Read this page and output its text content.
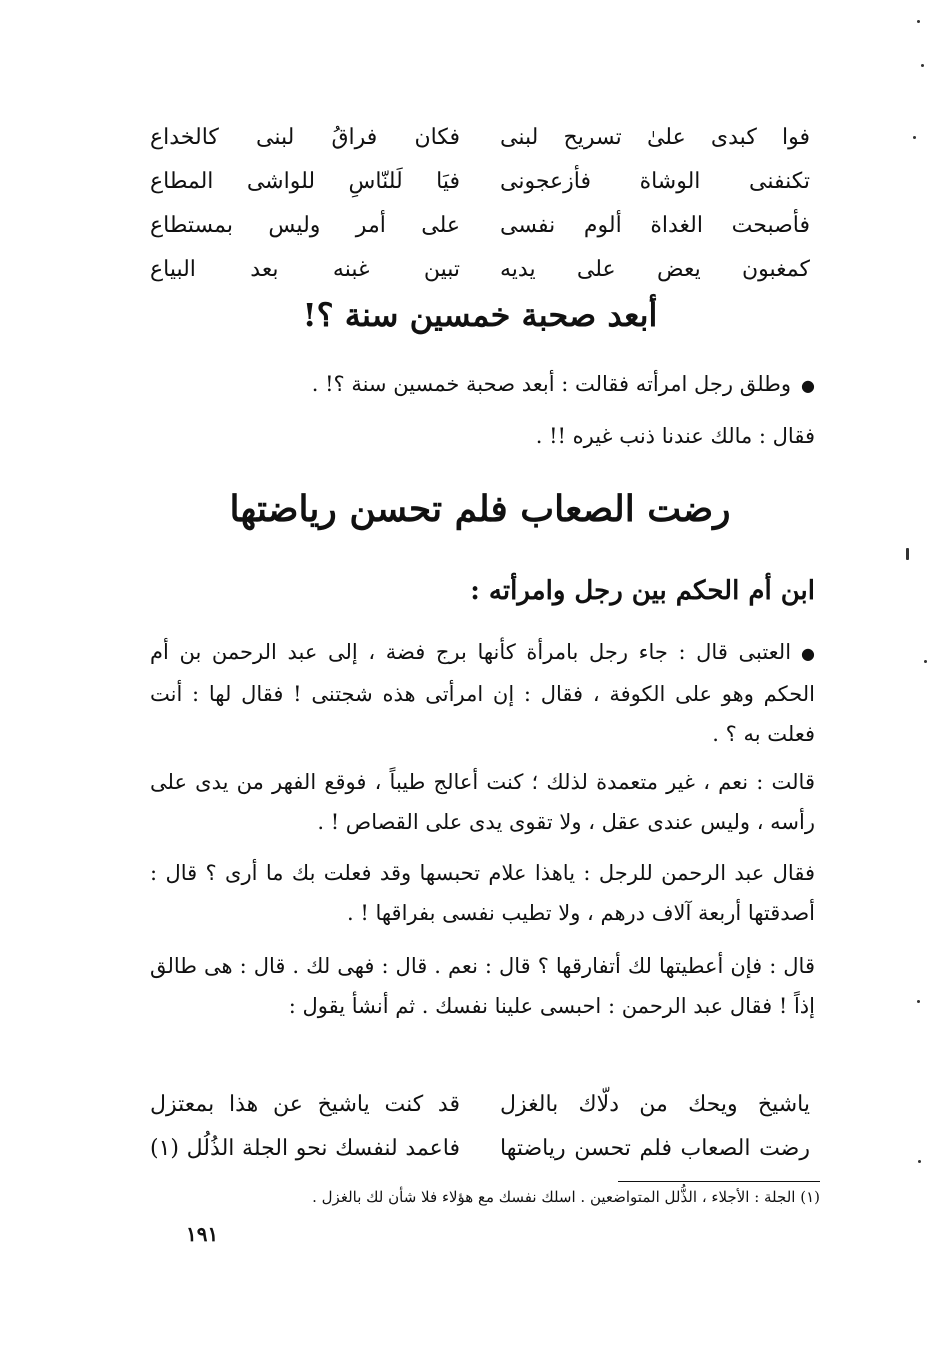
فوا كبدى علىٰ تسريح لبنى
فكان فراقُ لبنى كالخداع
تكنفنى الوشاة فأزعجونى
فيَا لَلنّاسِ للواشى المطاع
فأصبحت الغداة ألوم نفسى
على أمر وليس بمستطاع
كمغبون يعض على يديه
تبين غبنه بعد البياع
أبعد صحبة خمسين سنة ؟!
●وطلق رجل امرأته فقالت : أبعد صحبة خمسين سنة ؟! .
فقال : مالك عندنا ذنب غيره !! .
رضت الصعاب فلم تحسن رياضتها
ابن أم الحكم بين رجل وامرأته :
●العتبى قال : جاء رجل بامرأة كأنها برج فضة ، إلى عبد الرحمن بن أم الحكم وهو على الكوفة ، فقال : إن امرأتى هذه شجتنى ! فقال لها : أنت فعلت به ؟ .
قالت : نعم ، غير متعمدة لذلك ؛ كنت أعالج طيباً ، فوقع الفهر من يدى على رأسه ، وليس عندى عقل ، ولا تقوى يدى على القصاص ! .
فقال عبد الرحمن للرجل : ياهذا علام تحبسها وقد فعلت بك ما أرى ؟ قال : أصدقتها أربعة آلاف درهم ، ولا تطيب نفسى بفراقها ! .
قال : فإن أعطيتها لك أتفارقها ؟ قال : نعم . قال : فهى لك . قال : هى طالق إذاً ! فقال عبد الرحمن : احبسى علينا نفسك . ثم أنشأ يقول :
ياشيخ ويحك من دلّاك بالغزل
قد كنت ياشيخ عن هذا بمعتزل
رضت الصعاب فلم تحسن رياضتها
فاعمد لنفسك نحو الجلة الذُلُل (١)
(١) الجلة : الأجلاء ، الذُّلل المتواضعين . اسلك نفسك مع هؤلاء فلا شأن لك بالغزل .
١٩١
